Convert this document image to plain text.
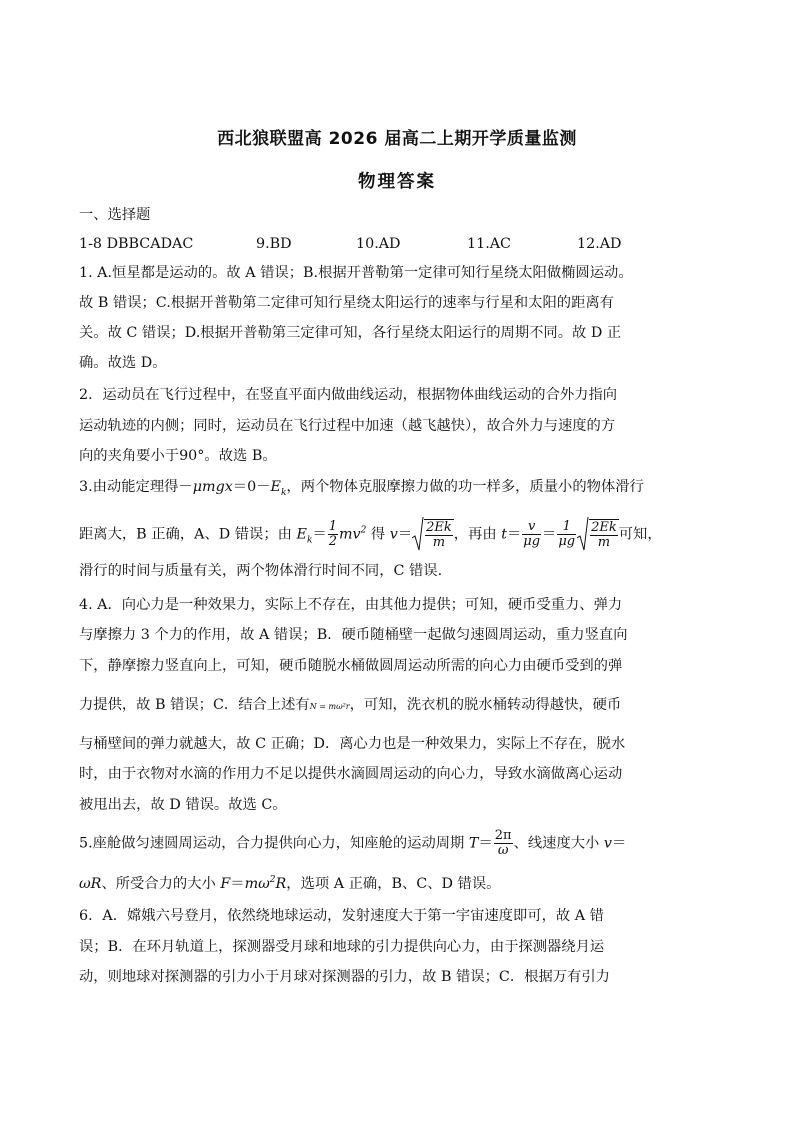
西北狼联盟高 2026 届高二上期开学质量监测
物理答案
一、选择题
1-8 DBBCADAC	9.BD	10.AD	11.AC	12.AD
1. A.恒星都是运动的。故 A 错误；B.根据开普勒第一定律可知行星绕太阳做椭圆运动。
故 B 错误；C.根据开普勒第二定律可知行星绕太阳运行的速率与行星和太阳的距离有
关。故 C 错误；D.根据开普勒第三定律可知，各行星绕太阳运行的周期不同。故 D 正
确。故选 D。
2．运动员在飞行过程中，在竖直平面内做曲线运动，根据物体曲线运动的合外力指向
运动轨迹的内侧；同时，运动员在飞行过程中加速（越飞越快），故合外力与速度的方
向的夹角要小于90°。故选 B。
3.由动能定理得$-\mu mgx=0-E_k$，两个物体克服摩擦力做的功一样多，质量小的物体滑行
距离大，B 正确，A、D 错误；由 $E_k= \frac{1}{2} mv^2$ 得 $v= \frac{2Ek}{m}$ ，再由 $t= \frac{v}{\mu g} = \frac{1}{\mu g} \frac{2Ek}{m}$ 可知，
滑行的时间与质量有关，两个物体滑行时间不同，C 错误.
4. A．向心力是一种效果力，实际上不存在，由其他力提供；可知，硬币受重力、弹力
与摩擦力 3 个力的作用，故 A 错误；B．硬币随桶壁一起做匀速圆周运动，重力竖直向
下，静摩擦力竖直向上，可知，硬币随脱水桶做圆周运动所需的向心力由硬币受到的弹
力提供，故 B 错误；C．结合上述有N = mω²r，可知，洗衣机的脱水桶转动得越快，硬币
与桶壁间的弹力就越大，故 C 正确；D．离心力也是一种效果力，实际上不存在，脱水
时，由于衣物对水滴的作用力不足以提供水滴圆周运动的向心力，导致水滴做离心运动
被甩出去，故 D 错误。故选 C。
5.座舱做匀速圆周运动，合力提供向心力，知座舱的运动周期 $T= \frac{2\pi}{\omega}$ 、线速度大小 v＝
ωR、所受合力的大小 $F=m\omega^2R$，选项 A 正确，B、C、D 错误。
6．A．嫦娥六号登月，依然绕地球运动，发射速度大于第一宇宙速度即可，故 A 错
误；B．在环月轨道上，探测器受月球和地球的引力提供向心力，由于探测器绕月运
动，则地球对探测器的引力小于月球对探测器的引力，故 B 错误；C．根据万有引力
